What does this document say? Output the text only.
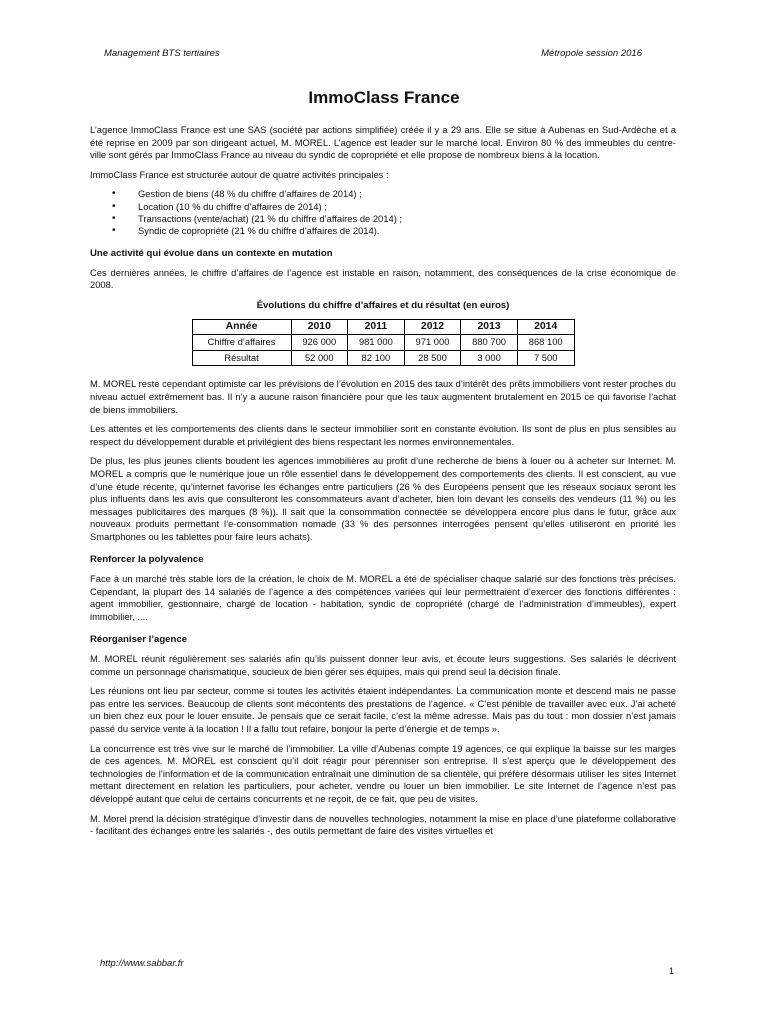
Management BTS tertiaires	Métropole session 2016
ImmoClass France

L’agence ImmoClass France est une SAS (société par actions simplifiée) créée il y a 29 ans. Elle se situe à Aubenas en Sud-Ardèche et a été reprise en 2009 par son dirigeant actuel, M. MOREL. L’agence est leader sur le marché local. Environ 80 % des immeubles du centre-ville sont gérés par ImmoClass France au niveau du syndic de copropriété et elle propose de nombreux biens à la location.

ImmoClass France est structurée autour de quatre activités principales :

• Gestion de biens (48 % du chiffre d’affaires de 2014) ;
• Location (10 % du chiffre d’affaires de 2014) ;
• Transactions (vente/achat) (21 % du chiffre d’affaires de 2014) ;
• Syndic de copropriété (21 % du chiffre d’affaires de 2014).
Une activité qui évolue dans un contexte en mutation

Ces dernières années, le chiffre d’affaires de l’agence est instable en raison, notamment, des conséquences de la crise économique de 2008.

Évolutions du chiffre d’affaires et du résultat (en euros)
Année	2010	2011	2012	2013	2014
Chiffre d’affaires	926 000	981 000	971 000	880 700	868 100
Résultat	52 000	82 100	28 500	3 000	7 500

M. MOREL reste cependant optimiste car les prévisions de l’évolution en 2015 des taux d’intérêt des prêts immobiliers vont rester proches du niveau actuel extrêmement bas. Il n’y a aucune raison financière pour que les taux augmentent brutalement en 2015 ce qui favorise l’achat de biens immobiliers.

Les attentes et les comportements des clients dans le secteur immobilier sont en constante évolution. Ils sont de plus en plus sensibles au respect du développement durable et privilégient des biens respectant les normes environnementales.

De plus, les plus jeunes clients boudent les agences immobilières au profit d’une recherche de biens à louer ou à acheter sur Internet. M. MOREL a compris que le numérique joue un rôle essentiel dans le développement des comportements des clients. Il est conscient, au vue d’une étude récente, qu’internet favorise les échanges entre particuliers (26 % des Européens pensent que les réseaux sociaux seront les plus influents dans les avis que consulteront les consommateurs avant d’acheter, bien loin devant les conseils des vendeurs (11 %) ou les messages publicitaires des marques (8 %)). Il sait que la consommation connectée se développera encore plus dans le futur, grâce aux nouveaux produits permettant l’e-consommation nomade (33 % des personnes interrogées pensent qu’elles utiliseront en priorité les Smartphones ou les tablettes pour faire leurs achats).

Renforcer la polyvalence

Face à un marché très stable lors de la création, le choix de M. MOREL a été de spécialiser chaque salarié sur des fonctions très précises. Cependant, la plupart des 14 salariés de l’agence a des compétences variées qui leur permettraient d’exercer des fonctions différentes : agent immobilier, gestionnaire, chargé de location - habitation, syndic de copropriété (chargé de l’administration d’immeubles), expert immobilier, ....

Réorganiser l’agence

M. MOREL réunit régulièrement ses salariés afin qu’ils puissent donner leur avis, et écoute leurs suggestions. Ses salariés le décrivent comme un personnage charismatique, soucieux de bien gérer ses équipes, mais qui prend seul la décision finale.

Les réunions ont lieu par secteur, comme si toutes les activités étaient indépendantes. La communication monte et descend mais ne passe pas entre les services. Beaucoup de clients sont mécontents des prestations de l’agence. « C’est pénible de travailler avec eux. J’ai acheté un bien chez eux pour le louer ensuite. Je pensais que ce serait facile, c’est la même adresse. Mais pas du tout : mon dossier n’est jamais passé du service vente à la location ! Il a fallu tout refaire, bonjour la perte d’énergie et de temps ».

La concurrence est très vive sur le marché de l’immobilier. La ville d’Aubenas compte 19 agences, ce qui explique la baisse sur les marges de ces agences. M. MOREL est conscient qu’il doit réagir pour pérenniser son entreprise. Il s’est aperçu que le développement des technologies de l’information et de la communication entraînait une diminution de sa clientèle, qui préfère désormais utiliser les sites Internet mettant directement en relation les particuliers, pour acheter, vendre ou louer un bien immobilier. Le site Internet de l’agence n’est pas développé autant que celui de certains concurrents et ne reçoit, de ce fait, que peu de visites.

M. Morel prend la décision stratégique d’investir dans de nouvelles technologies, notamment la mise en place d’une plateforme collaborative - facilitant des échanges entre les salariés -, des outils permettant de faire des visites virtuelles et

http://www.sabbar.fr
1
